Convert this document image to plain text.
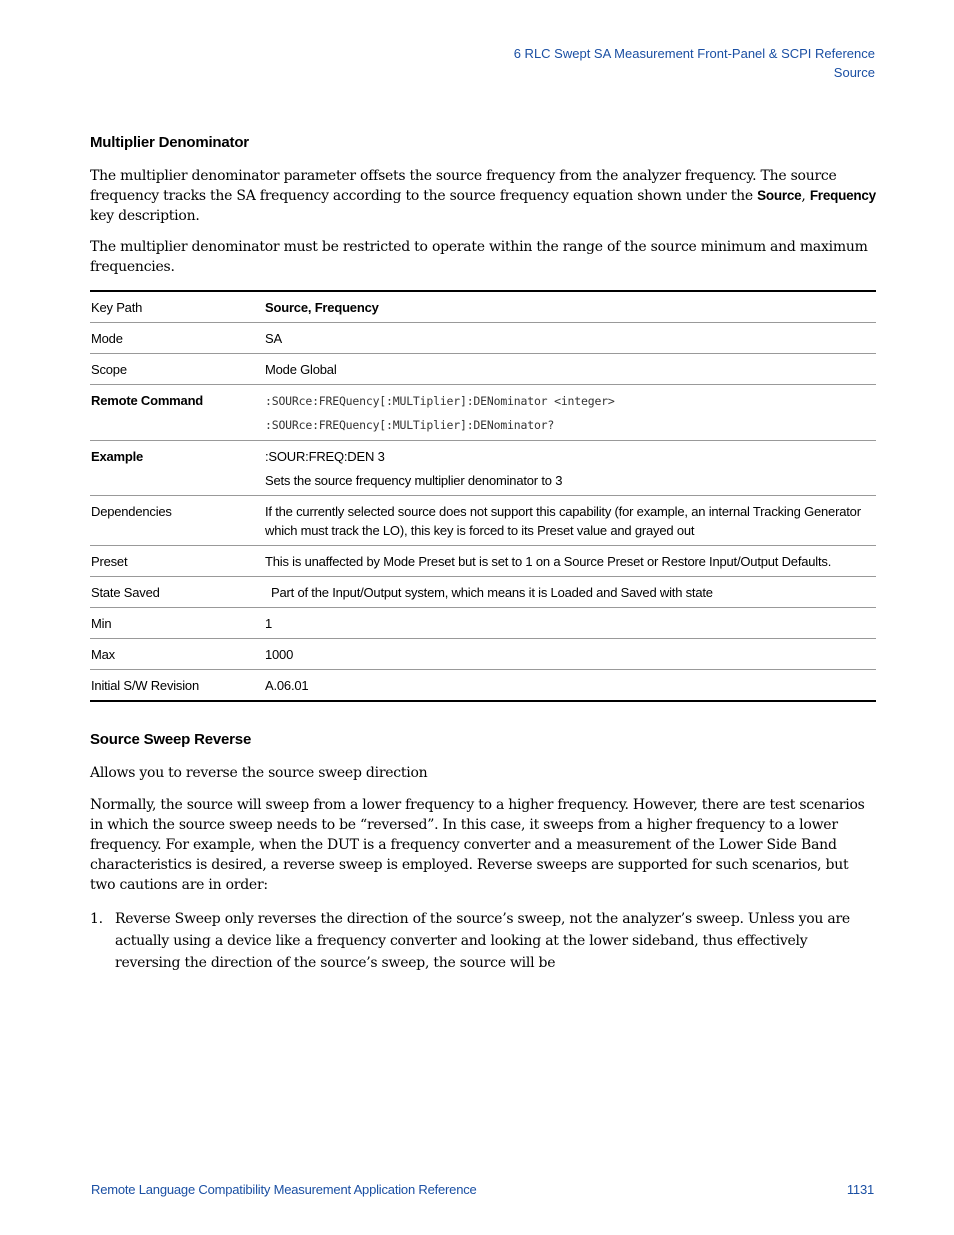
6 RLC Swept SA Measurement Front-Panel & SCPI Reference
Source
Multiplier Denominator
The multiplier denominator parameter offsets the source frequency from the analyzer frequency. The source frequency tracks the SA frequency according to the source frequency equation shown under the Source, Frequency key description.
The multiplier denominator must be restricted to operate within the range of the source minimum and maximum frequencies.
Key Path	Source, Frequency
Mode	SA
Scope	Mode Global
Remote Command	:SOURce:FREQuency[:MULTiplier]:DENominator <integer>
:SOURce:FREQuency[:MULTiplier]:DENominator?

Example	:SOUR:FREQ:DEN 3
Sets the source frequency multiplier denominator to 3

Dependencies	If the currently selected source does not support this capability (for example, an internal Tracking Generator which must track the LO), this key is forced to its Preset value and grayed out
Preset	This is unaffected by Mode Preset but is set to 1 on a Source Preset or Restore Input/Output Defaults.
State Saved	Part of the Input/Output system, which means it is Loaded and Saved with state
Min	1
Max	1000
Initial S/W Revision	A.06.01
Source Sweep Reverse
Allows you to reverse the source sweep direction
Normally, the source will sweep from a lower frequency to a higher frequency. However, there are test scenarios in which the source sweep needs to be “reversed”. In this case, it sweeps from a higher frequency to a lower frequency. For example, when the DUT is a frequency converter and a measurement of the Lower Side Band characteristics is desired, a reverse sweep is employed. Reverse sweeps are supported for such scenarios, but two cautions are in order:
1. Reverse Sweep only reverses the direction of the source’s sweep, not the analyzer’s sweep. Unless you are actually using a device like a frequency converter and looking at the lower sideband, thus effectively reversing the direction of the source’s sweep, the source will be
Remote Language Compatibility Measurement Application Reference	1131
